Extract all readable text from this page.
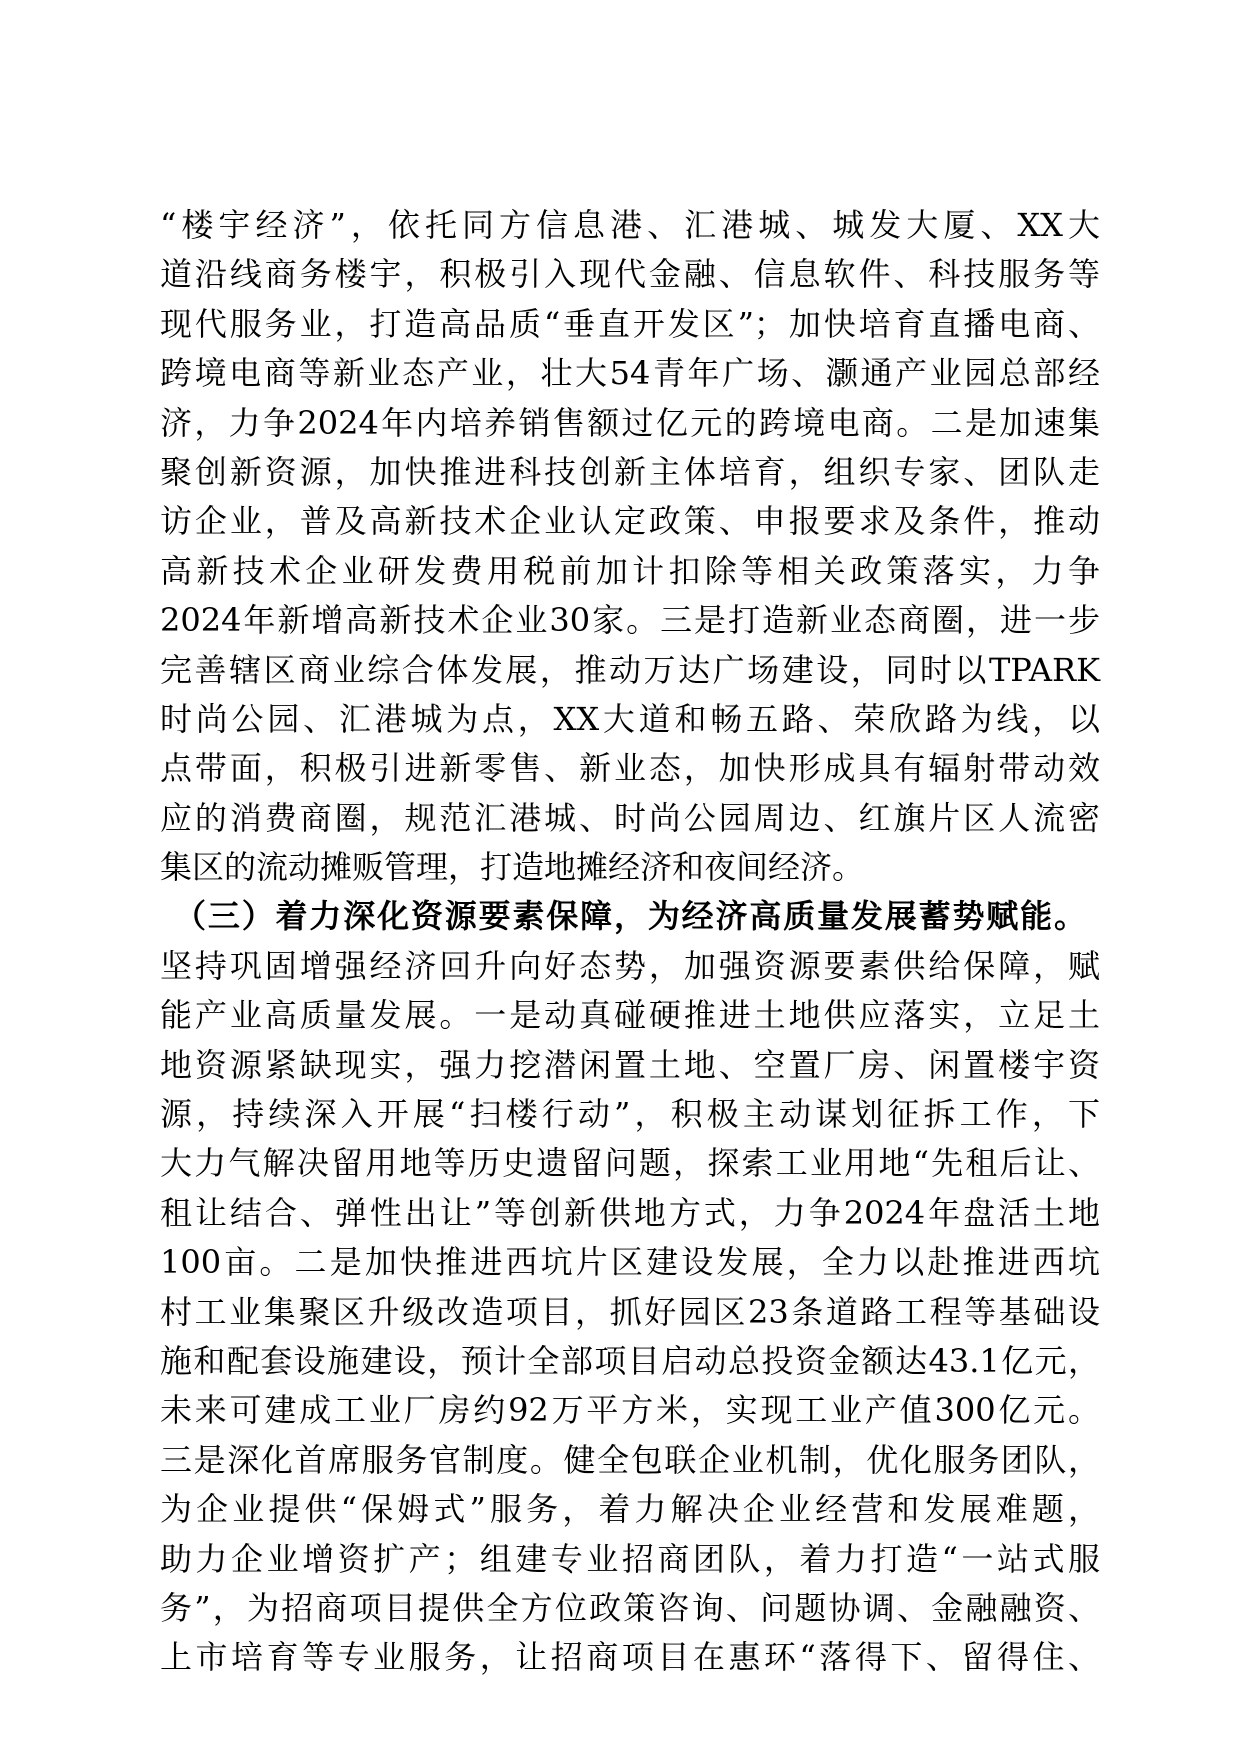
“楼宇经济”，依托同方信息港、汇港城、城发大厦、XX大
道沿线商务楼宇，积极引入现代金融、信息软件、科技服务等
现代服务业，打造高品质“垂直开发区”；加快培育直播电商、
跨境电商等新业态产业，壮大54青年广场、灏通产业园总部经
济，力争2024年内培养销售额过亿元的跨境电商。二是加速集
聚创新资源，加快推进科技创新主体培育，组织专家、团队走
访企业，普及高新技术企业认定政策、申报要求及条件，推动
高新技术企业研发费用税前加计扣除等相关政策落实，力争
2024年新增高新技术企业30家。三是打造新业态商圈，进一步
完善辖区商业综合体发展，推动万达广场建设，同时以TPARK
时尚公园、汇港城为点，XX大道和畅五路、荣欣路为线，以
点带面，积极引进新零售、新业态，加快形成具有辐射带动效
应的消费商圈，规范汇港城、时尚公园周边、红旗片区人流密
集区的流动摊贩管理，打造地摊经济和夜间经济。
（三）着力深化资源要素保障，为经济高质量发展蓄势赋能。
坚持巩固增强经济回升向好态势，加强资源要素供给保障，赋
能产业高质量发展。一是动真碰硬推进土地供应落实，立足土
地资源紧缺现实，强力挖潜闲置土地、空置厂房、闲置楼宇资
源，持续深入开展“扫楼行动”，积极主动谋划征拆工作，下
大力气解决留用地等历史遗留问题，探索工业用地“先租后让、
租让结合、弹性出让”等创新供地方式，力争2024年盘活土地
100亩。二是加快推进西坑片区建设发展，全力以赴推进西坑
村工业集聚区升级改造项目，抓好园区23条道路工程等基础设
施和配套设施建设，预计全部项目启动总投资金额达43.1亿元，
未来可建成工业厂房约92万平方米，实现工业产值300亿元。
三是深化首席服务官制度。健全包联企业机制，优化服务团队，
为企业提供“保姆式”服务，着力解决企业经营和发展难题，
助力企业增资扩产；组建专业招商团队，着力打造“一站式服
务”，为招商项目提供全方位政策咨询、问题协调、金融融资、
上市培育等专业服务，让招商项目在惠环“落得下、留得住、
